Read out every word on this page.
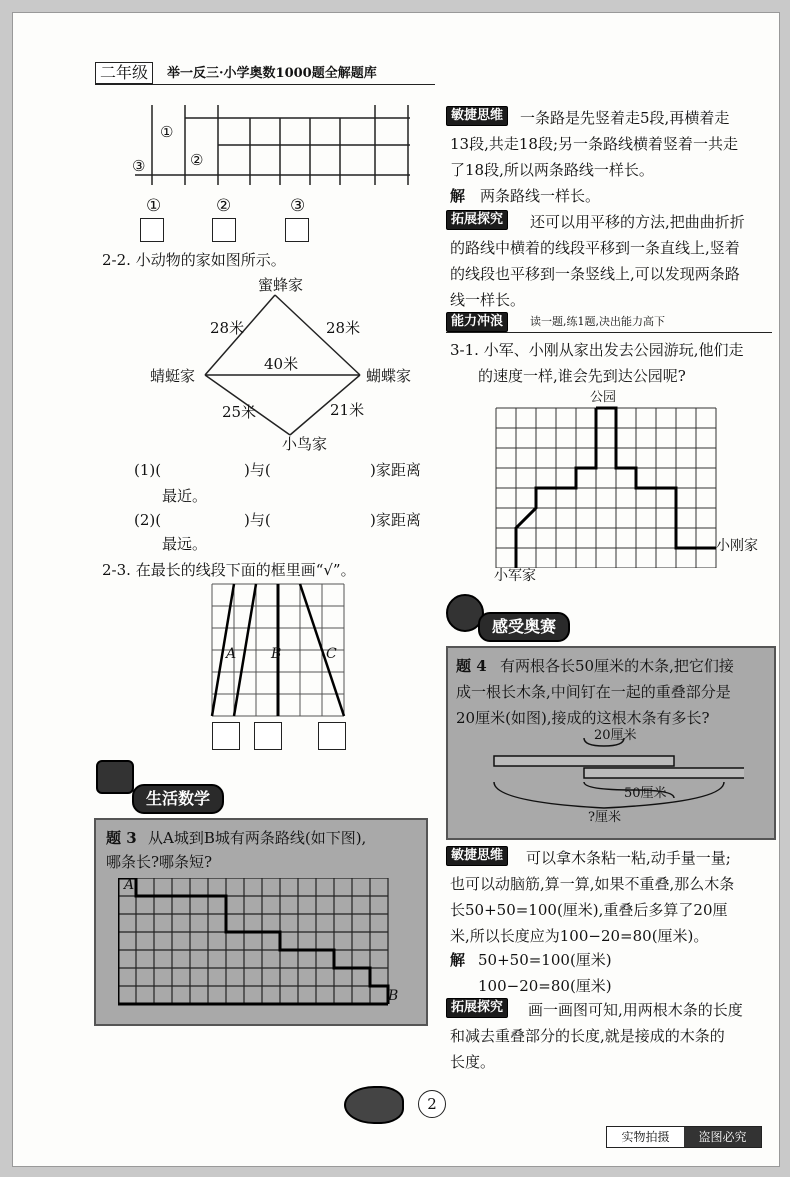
二年级	举一反三·小学奥数1000题全解题库
①
②
③
①	②	③
2-2. 小动物的家如图所示。
蜜蜂家
蜻蜓家	蝴蝶家
小鸟家
28米	28米
40米
25米	21米
(1)(	)与(	)家距离
最近。
(2)(	)与(	)家距离
最远。
2-3. 在最长的线段下面的框里画“√”。
A B	C
生活数学
题 3 从A城到B城有两条路线(如下图),
哪条长?哪条短?
A
B
敏捷思维	一条路是先竖着走5段,再横着走
13段,共走18段;另一条路线横着竖着一共走
了18段,所以两条路线一样长。
解 两条路线一样长。
拓展探究	还可以用平移的方法,把曲曲折折
的路线中横着的线段平移到一条直线上,竖着
的线段也平移到一条竖线上,可以发现两条路
线一样长。
能力冲浪	读一题,练1题,决出能力高下
3-1. 小军、小刚从家出发去公园游玩,他们走
的速度一样,谁会先到达公园呢?
公园
小刚家
小军家
感受奥赛
题 4 有两根各长50厘米的木条,把它们接
成一根长木条,中间钉在一起的重叠部分是
20厘米(如图),接成的这根木条有多长?
20厘米
50厘米
?厘米
敏捷思维	可以拿木条粘一粘,动手量一量;
也可以动脑筋,算一算,如果不重叠,那么木条
长50+50=100(厘米),重叠后多算了20厘
米,所以长度应为100−20=80(厘米)。
解 50+50=100(厘米)
100−20=80(厘米)
拓展探究	画一画图可知,用两根木条的长度
和减去重叠部分的长度,就是接成的木条的
长度。
2
实物拍摄	盗图必究
